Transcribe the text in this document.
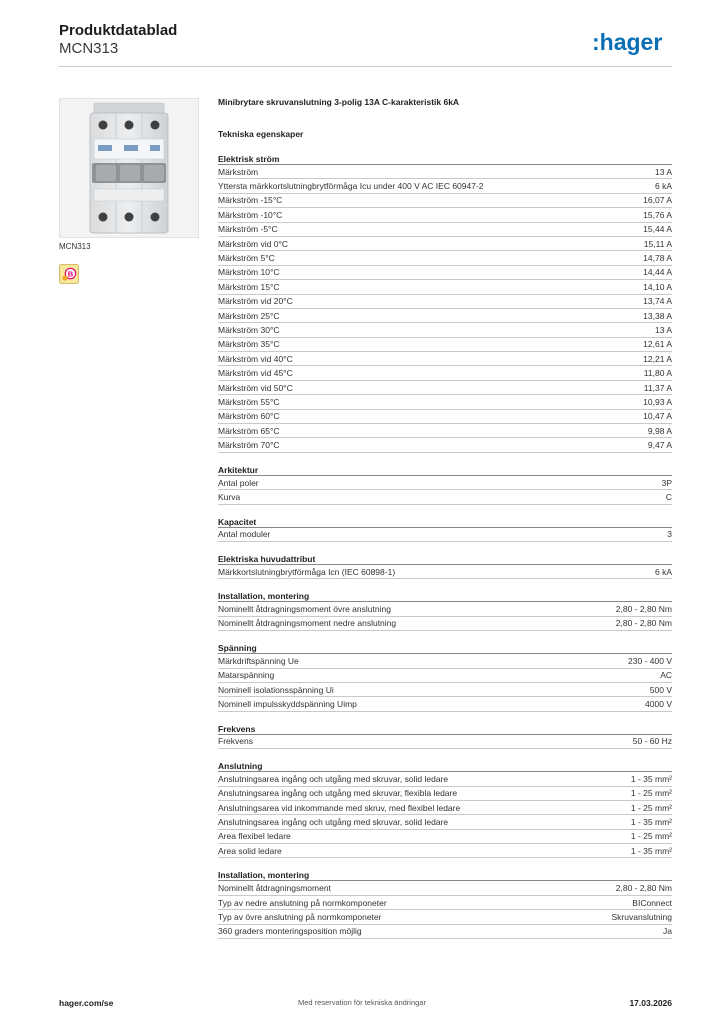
Produktdatablad
MCN313	:hager
MCN313
B
Minibrytare skruvanslutning 3-polig 13A C-karakteristik 6kA
Tekniska egenskaper
Elektrisk ström
Märkström	13 A
Yttersta märkkortslutningbrytförmåga Icu under 400 V AC IEC 60947-2	6 kA
Märkström -15°C	16,07 A
Märkström -10°C	15,76 A
Märkström -5°C	15,44 A
Märkström vid 0°C	15,11 A
Märkström 5°C	14,78 A
Märkström 10°C	14,44 A
Märkström 15°C	14,10 A
Märkström vid 20°C	13,74 A
Märkström 25°C	13,38 A
Märkström 30°C	13 A
Märkström 35°C	12,61 A
Märkström vid 40°C	12,21 A
Märkström vid 45°C	11,80 A
Märkström vid 50°C	11,37 A
Märkström 55°C	10,93 A
Märkström 60°C	10,47 A
Märkström 65°C	9,98 A
Märkström 70°C	9,47 A
Arkitektur
Antal poler	3P
Kurva	C
Kapacitet
Antal moduler	3
Elektriska huvudattribut
Märkkortslutningbrytförmåga Icn (IEC 60898-1)	6 kA
Installation, montering
Nominellt åtdragningsmoment övre anslutning	2,80 - 2,80 Nm
Nominellt åtdragningsmoment nedre anslutning	2,80 - 2,80 Nm
Spänning
Märkdriftspänning Ue	230 - 400 V
Matarspänning	AC
Nominell isolationsspänning Ui	500 V
Nominell impulsskyddspänning Uimp	4000 V
Frekvens
Frekvens	50 - 60 Hz
Anslutning
Anslutningsarea ingång och utgång med skruvar, solid ledare	1 - 35 mm²
Anslutningsarea ingång och utgång med skruvar, flexibla ledare	1 - 25 mm²
Anslutningsarea vid inkommande med skruv, med flexibel ledare	1 - 25 mm²
Anslutningsarea ingång och utgång med skruvar, solid ledare	1 - 35 mm²
Area flexibel ledare	1 - 25 mm²
Area solid ledare	1 - 35 mm²
Installation, montering
Nominellt åtdragningsmoment	2,80 - 2,80 Nm
Typ av nedre anslutning på normkomponeter	BIConnect
Typ av övre anslutning på normkomponeter	Skruvanslutning
360 graders monteringsposition möjlig	Ja
hager.com/se	Med reservation för tekniska ändringar	17.03.2026
